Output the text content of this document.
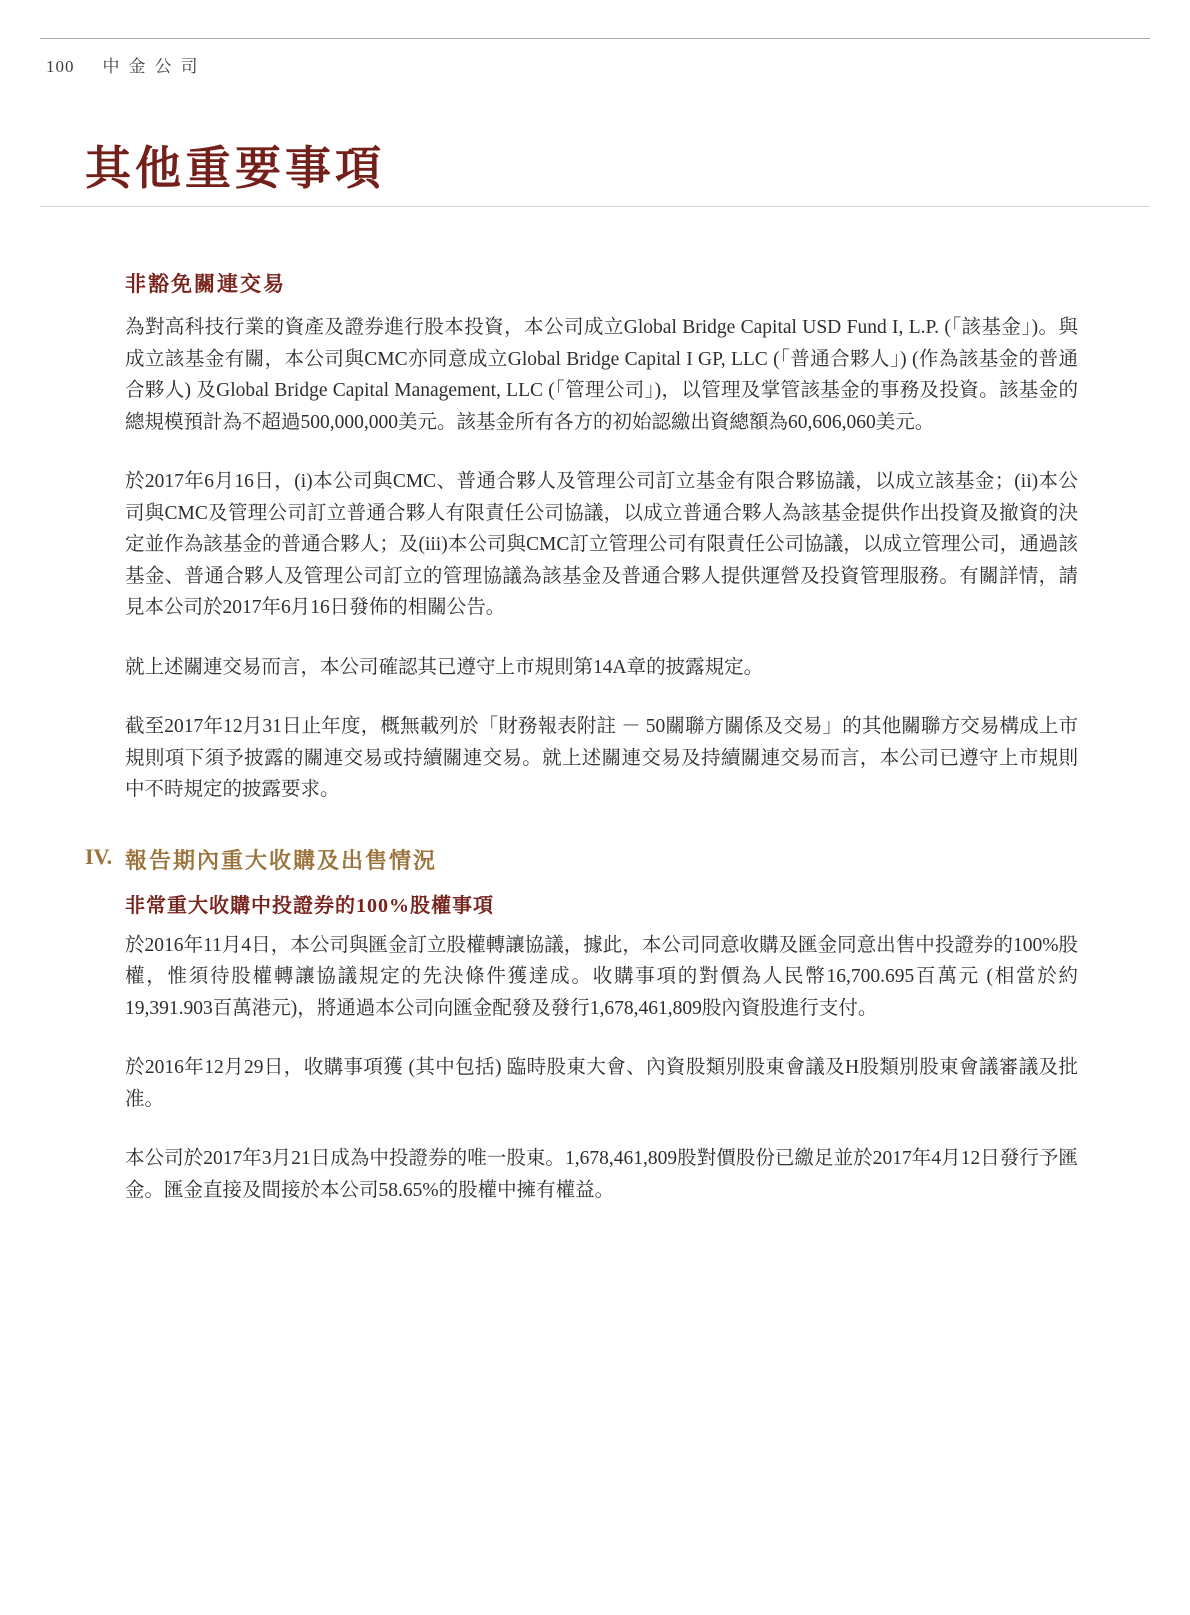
100 中金公司
其他重要事項
非豁免關連交易

為對高科技行業的資產及證券進行股本投資，本公司成立Global Bridge Capital USD Fund I, L.P. (「該基金」)。與成立該基金有關，本公司與CMC亦同意成立Global Bridge Capital I GP, LLC (「普通合夥人」) (作為該基金的普通合夥人) 及Global Bridge Capital Management, LLC (「管理公司」)，以管理及掌管該基金的事務及投資。該基金的總規模預計為不超過500,000,000美元。該基金所有各方的初始認繳出資總額為60,606,060美元。

於2017年6月16日，(i)本公司與CMC、普通合夥人及管理公司訂立基金有限合夥協議，以成立該基金；(ii)本公司與CMC及管理公司訂立普通合夥人有限責任公司協議，以成立普通合夥人為該基金提供作出投資及撤資的決定並作為該基金的普通合夥人；及(iii)本公司與CMC訂立管理公司有限責任公司協議，以成立管理公司，通過該基金、普通合夥人及管理公司訂立的管理協議為該基金及普通合夥人提供運營及投資管理服務。有關詳情，請見本公司於2017年6月16日發佈的相關公告。

就上述關連交易而言，本公司確認其已遵守上市規則第14A章的披露規定。

截至2017年12月31日止年度，概無載列於「財務報表附註 － 50關聯方關係及交易」的其他關聯方交易構成上市規則項下須予披露的關連交易或持續關連交易。就上述關連交易及持續關連交易而言，本公司已遵守上市規則中不時規定的披露要求。

IV. 報告期內重大收購及出售情況
非常重大收購中投證券的100%股權事項

於2016年11月4日，本公司與匯金訂立股權轉讓協議，據此，本公司同意收購及匯金同意出售中投證券的100%股權，惟須待股權轉讓協議規定的先決條件獲達成。收購事項的對價為人民幣16,700.695百萬元 (相當於約19,391.903百萬港元)，將通過本公司向匯金配發及發行1,678,461,809股內資股進行支付。

於2016年12月29日，收購事項獲 (其中包括) 臨時股東大會、內資股類別股東會議及H股類別股東會議審議及批准。

本公司於2017年3月21日成為中投證券的唯一股東。1,678,461,809股對價股份已繳足並於2017年4月12日發行予匯金。匯金直接及間接於本公司58.65%的股權中擁有權益。
